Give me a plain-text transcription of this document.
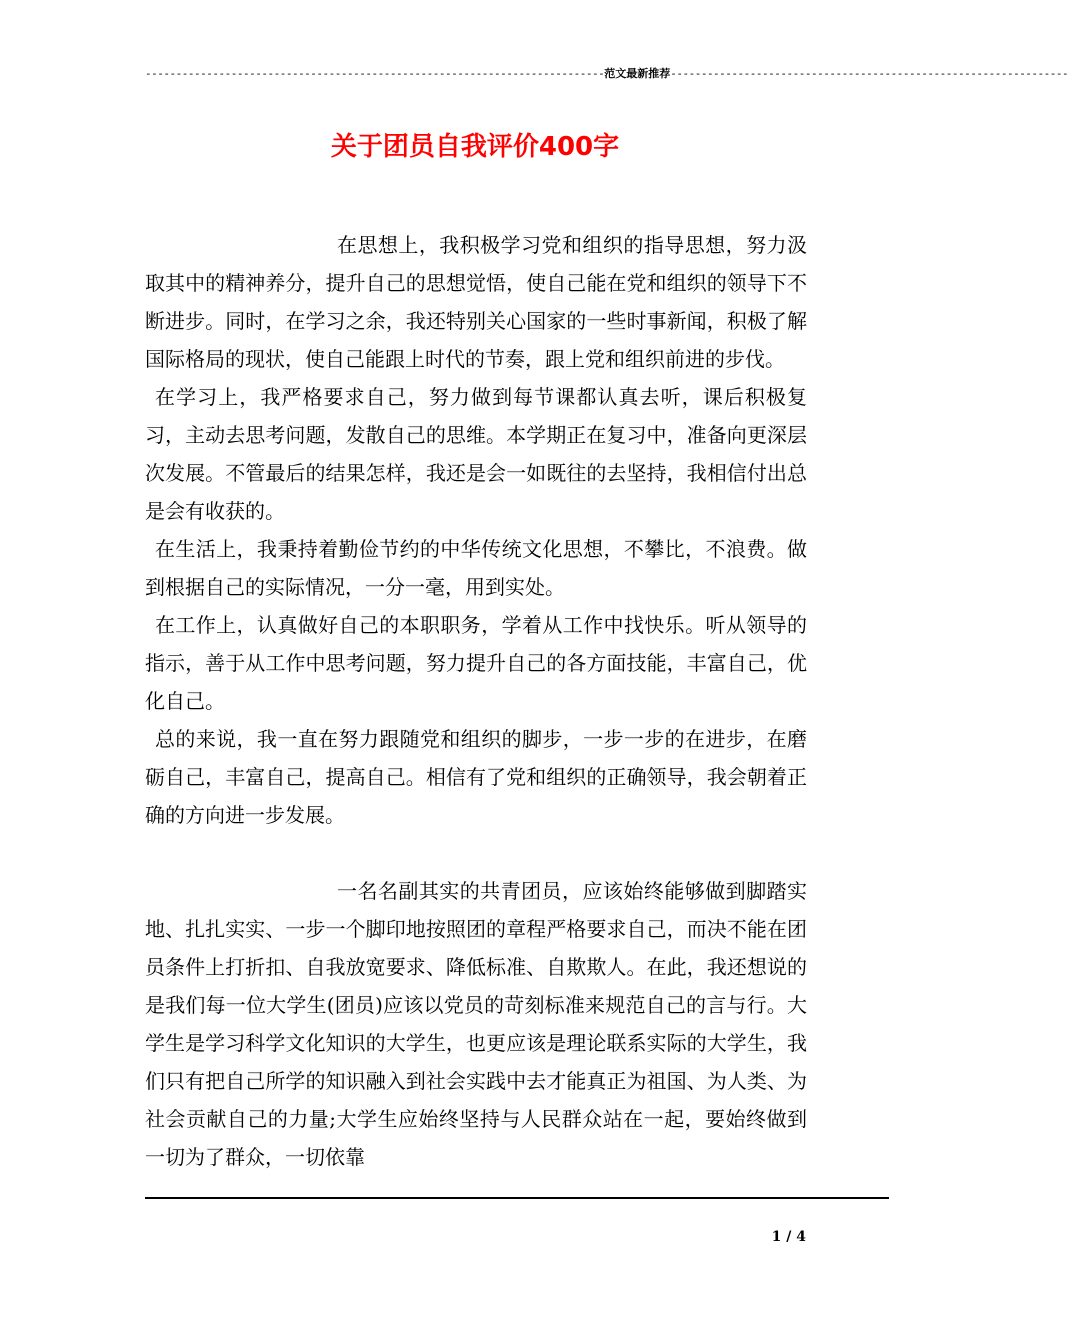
---------------------------------------------------------------------------范文最新推荐-----------------------------------------------------------------
关于团员自我评价400字

在思想上，我积极学习党和组织的指导思想，努力汲取其中的精神养分，提升自己的思想觉悟，使自己能在党和组织的领导下不断进步。同时，在学习之余，我还特别关心国家的一些时事新闻，积极了解国际格局的现状，使自己能跟上时代的节奏，跟上党和组织前进的步伐。

在学习上，我严格要求自己，努力做到每节课都认真去听，课后积极复习，主动去思考问题，发散自己的思维。本学期正在复习中，准备向更深层次发展。不管最后的结果怎样，我还是会一如既往的去坚持，我相信付出总是会有收获的。

在生活上，我秉持着勤俭节约的中华传统文化思想，不攀比，不浪费。做到根据自己的实际情况，一分一毫，用到实处。

在工作上，认真做好自己的本职职务，学着从工作中找快乐。听从领导的指示，善于从工作中思考问题，努力提升自己的各方面技能，丰富自己，优化自己。

总的来说，我一直在努力跟随党和组织的脚步，一步一步的在进步，在磨砺自己，丰富自己，提高自己。相信有了党和组织的正确领导，我会朝着正确的方向进一步发展。

一名名副其实的共青团员，应该始终能够做到脚踏实地、扎扎实实、一步一个脚印地按照团的章程严格要求自己，而决不能在团员条件上打折扣、自我放宽要求、降低标准、自欺欺人。在此，我还想说的是我们每一位大学生(团员)应该以党员的苛刻标准来规范自己的言与行。大学生是学习科学文化知识的大学生，也更应该是理论联系实际的大学生，我们只有把自己所学的知识融入到社会实践中去才能真正为祖国、为人类、为社会贡献自己的力量;大学生应始终坚持与人民群众站在一起，要始终做到一切为了群众，一切依靠

1 / 4
